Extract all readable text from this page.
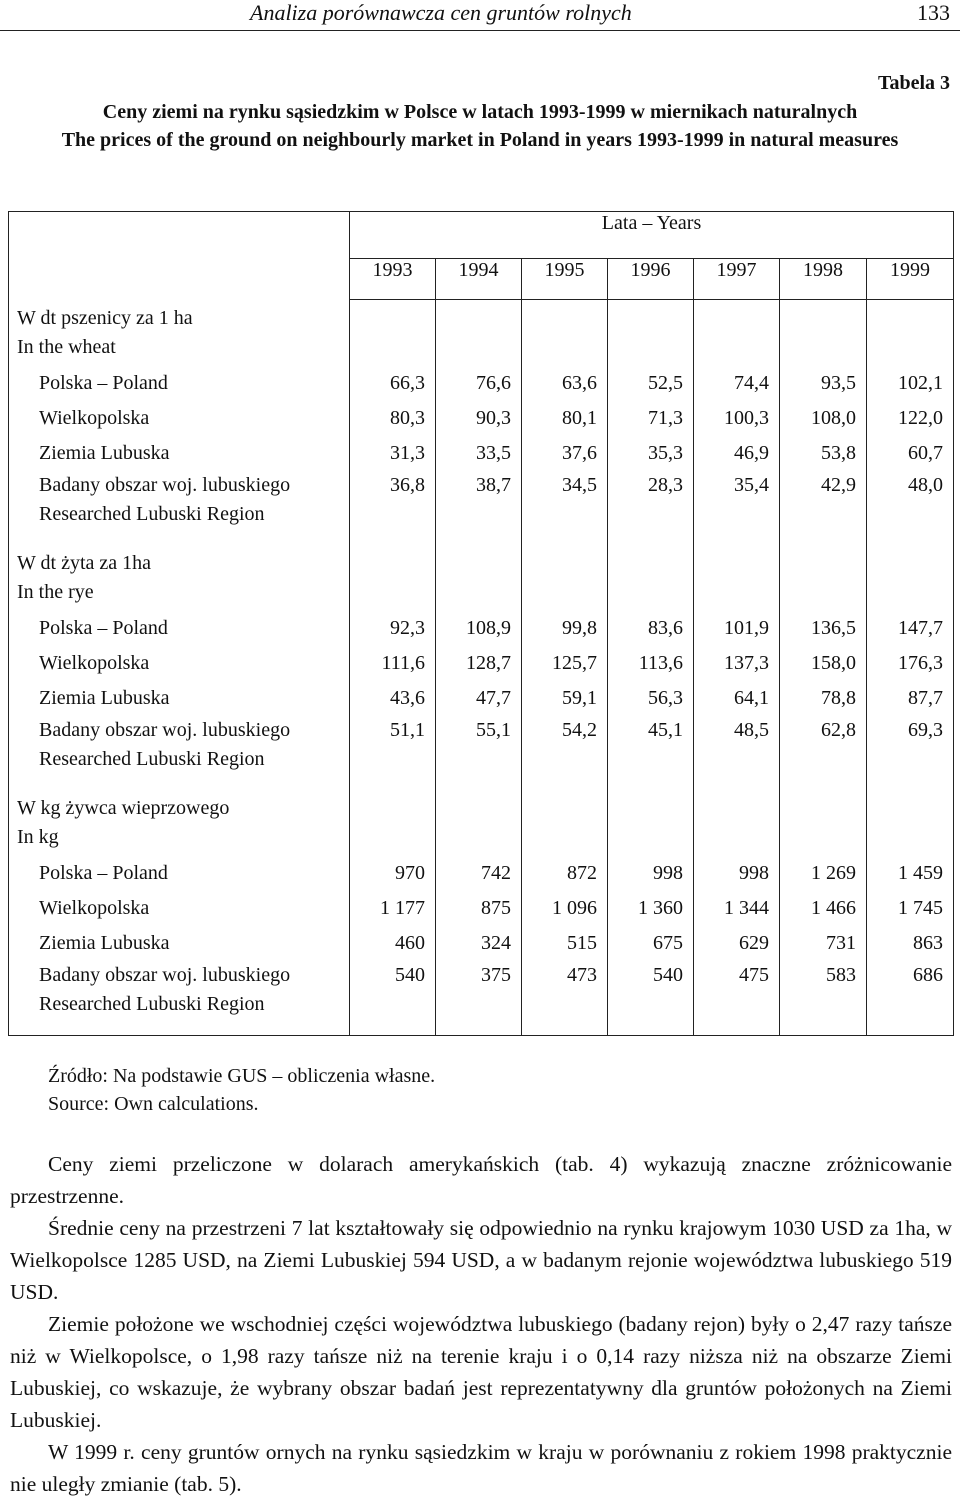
Analiza porównawcza cen gruntów rolnych	133
Tabela 3
Ceny ziemi na rynku sąsiedzkim w Polsce w latach 1993-1999 w miernikach naturalnych
The prices of the ground on neighbourly market in Poland in years 1993-1999 in natural measures
	Lata – Years						
	1993	1994	1995	1996	1997	1998	1999

W dt pszenicy za 1 ha
In the wheat							

Polska – Poland	66,3	76,6	63,6	52,5	74,4	93,5	102,1

Wielkopolska	80,3	90,3	80,1	71,3	100,3	108,0	122,0

Ziemia Lubuska	31,3	33,5	37,6	35,3	46,9	53,8	60,7

Badany obszar woj. lubuskiego
Researched Lubuski Region	36,8	38,7	34,5	28,3	35,4	42,9	48,0

W dt żyta za 1ha
In the rye							

Polska – Poland	92,3	108,9	99,8	83,6	101,9	136,5	147,7

Wielkopolska	111,6	128,7	125,7	113,6	137,3	158,0	176,3

Ziemia Lubuska	43,6	47,7	59,1	56,3	64,1	78,8	87,7

Badany obszar woj. lubuskiego
Researched Lubuski Region	51,1	55,1	54,2	45,1	48,5	62,8	69,3

W kg żywca wieprzowego
In kg							

Polska – Poland	970	742	872	998	998	1 269	1 459

Wielkopolska	1 177	875	1 096	1 360	1 344	1 466	1 745

Ziemia Lubuska	460	324	515	675	629	731	863

Badany obszar woj. lubuskiego
Researched Lubuski Region	540	375	473	540	475	583	686

Źródło: Na podstawie GUS – obliczenia własne.
Source: Own calculations.

Ceny ziemi przeliczone w dolarach amerykańskich (tab. 4) wykazują znaczne zróżnicowanie przestrzenne.

Średnie ceny na przestrzeni 7 lat kształtowały się odpowiednio na rynku krajowym 1030 USD za 1ha, w Wielkopolsce 1285 USD, na Ziemi Lubuskiej 594 USD, a w badanym rejonie województwa lubuskiego 519 USD.

Ziemie położone we wschodniej części województwa lubuskiego (badany rejon) były o 2,47 razy tańsze niż w Wielkopolsce, o 1,98 razy tańsze niż na terenie kraju i o 0,14 razy niższa niż na obszarze Ziemi Lubuskiej, co wskazuje, że wybrany obszar badań jest reprezentatywny dla gruntów położonych na Ziemi Lubuskiej.

W 1999 r. ceny gruntów ornych na rynku sąsiedzkim w kraju w porównaniu z rokiem 1998 praktycznie nie uległy zmianie (tab. 5).
